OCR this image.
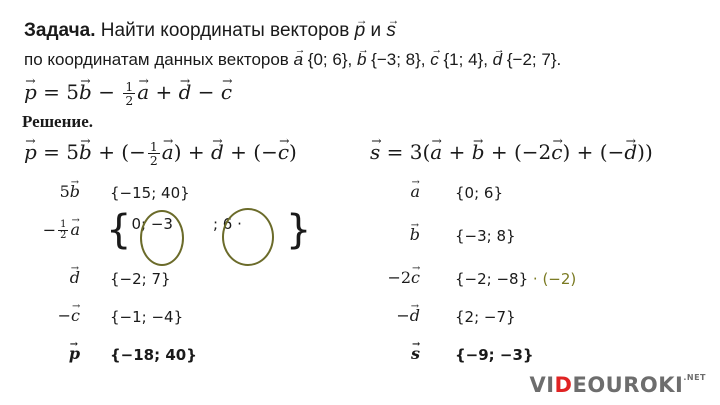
Задача. Найти координаты векторов → p и → s
по координатам данных векторов → a {0; 6}, → b {−3; 8}, → c {1; 4}, → d {−2; 7}.
→ $p = 5\to b - \frac{1}{2}$
→ a + → d − → c
Решение.
→ p = 5→ b + (− $\frac{1}{2}$
→ a) + → d + (−→ c)
→	s = 3(→ a + → b + (−2→ c) + (−→ d))
5→ b {−15; 40}
− $\frac{1}{2}$
→ a {0; −3	; 6 · }
→ d {−2; 7}
−→ c {−1; −4}
→ p {−18; 40}
→ a {0; 6}
→ b {−3; 8}
−2→ c {−2; −8} · (−2)
−→ d {2; −7}
→ s {−9; −3}
$VIDEOUROKI^{.NET}$
